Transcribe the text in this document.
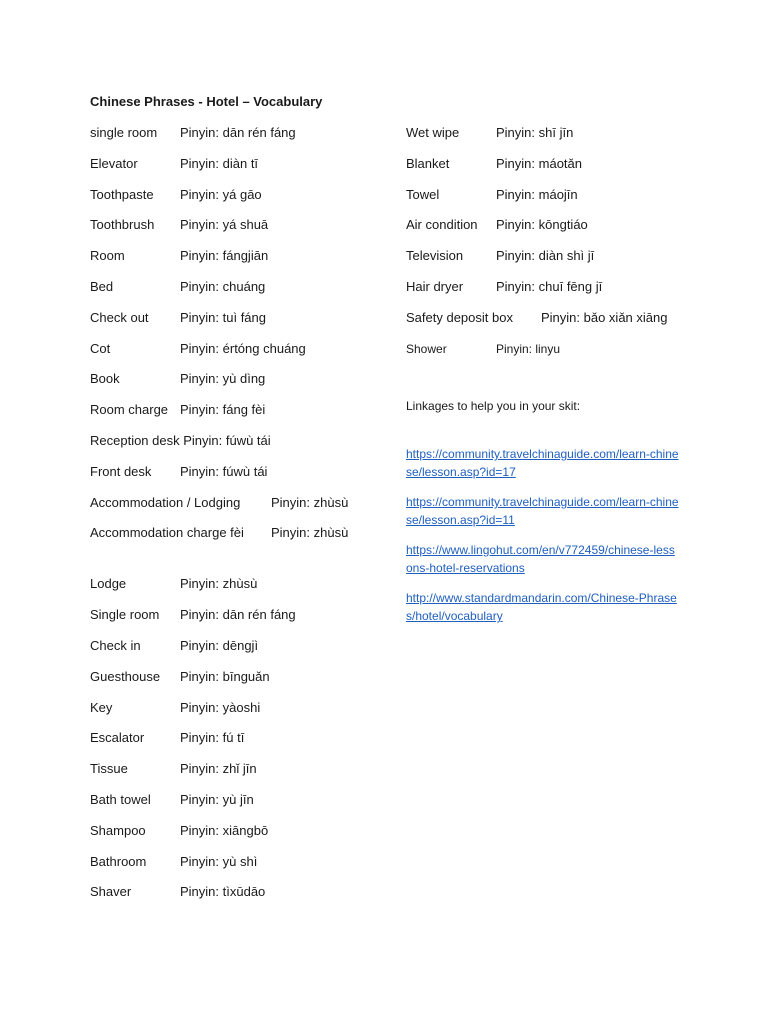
Chinese Phrases - Hotel – Vocabulary
single room Pinyin: dān rén fáng
Elevator	Pinyin: diàn tī
Toothpaste Pinyin: yá gāo
Toothbrush Pinyin: yá shuā
Room	Pinyin: fángjiān
Bed	Pinyin: chuáng
Check out Pinyin: tuì fáng
Cot	Pinyin: értóng chuáng
Book	Pinyin: yù dìng
Room charge Pinyin: fáng fèi
Reception desk Pinyin: fúwù tái
Front desk Pinyin: fúwù tái
Accommodation / Lodging Pinyin: zhùsù
Accommodation charge fèi	Pinyin: zhùsù
Lodge	Pinyin: zhùsù
Single room Pinyin: dān rén fáng
Check in	Pinyin: dēngjì
Guesthouse Pinyin: bīnguǎn
Key	Pinyin: yàoshi
Escalator	Pinyin: fú tī
Tissue	Pinyin: zhǐ jīn
Bath towel Pinyin: yù jīn
Shampoo	Pinyin: xiāngbō
Bathroom	Pinyin: yù shì
Shaver	Pinyin: tìxūdāo
Wet wipe	Pinyin: shī jīn
Blanket	Pinyin: máotǎn
Towel	Pinyin: máojīn
Air condition Pinyin: kōngtiáo
Television	Pinyin: diàn shì jī
Hair dryer	Pinyin: chuī fēng jī
Safety deposit box Pinyin: bǎo xiǎn xiāng
Shower	Pinyin: linyu
Linkages to help you in your skit:
https://community.travelchinaguide.com/learn-chinese/lesson.asp?id=17
https://community.travelchinaguide.com/learn-chinese/lesson.asp?id=11
https://www.lingohut.com/en/v772459/chinese-lessons-hotel-reservations
http://www.standardmandarin.com/Chinese-Phrases/hotel/vocabulary
